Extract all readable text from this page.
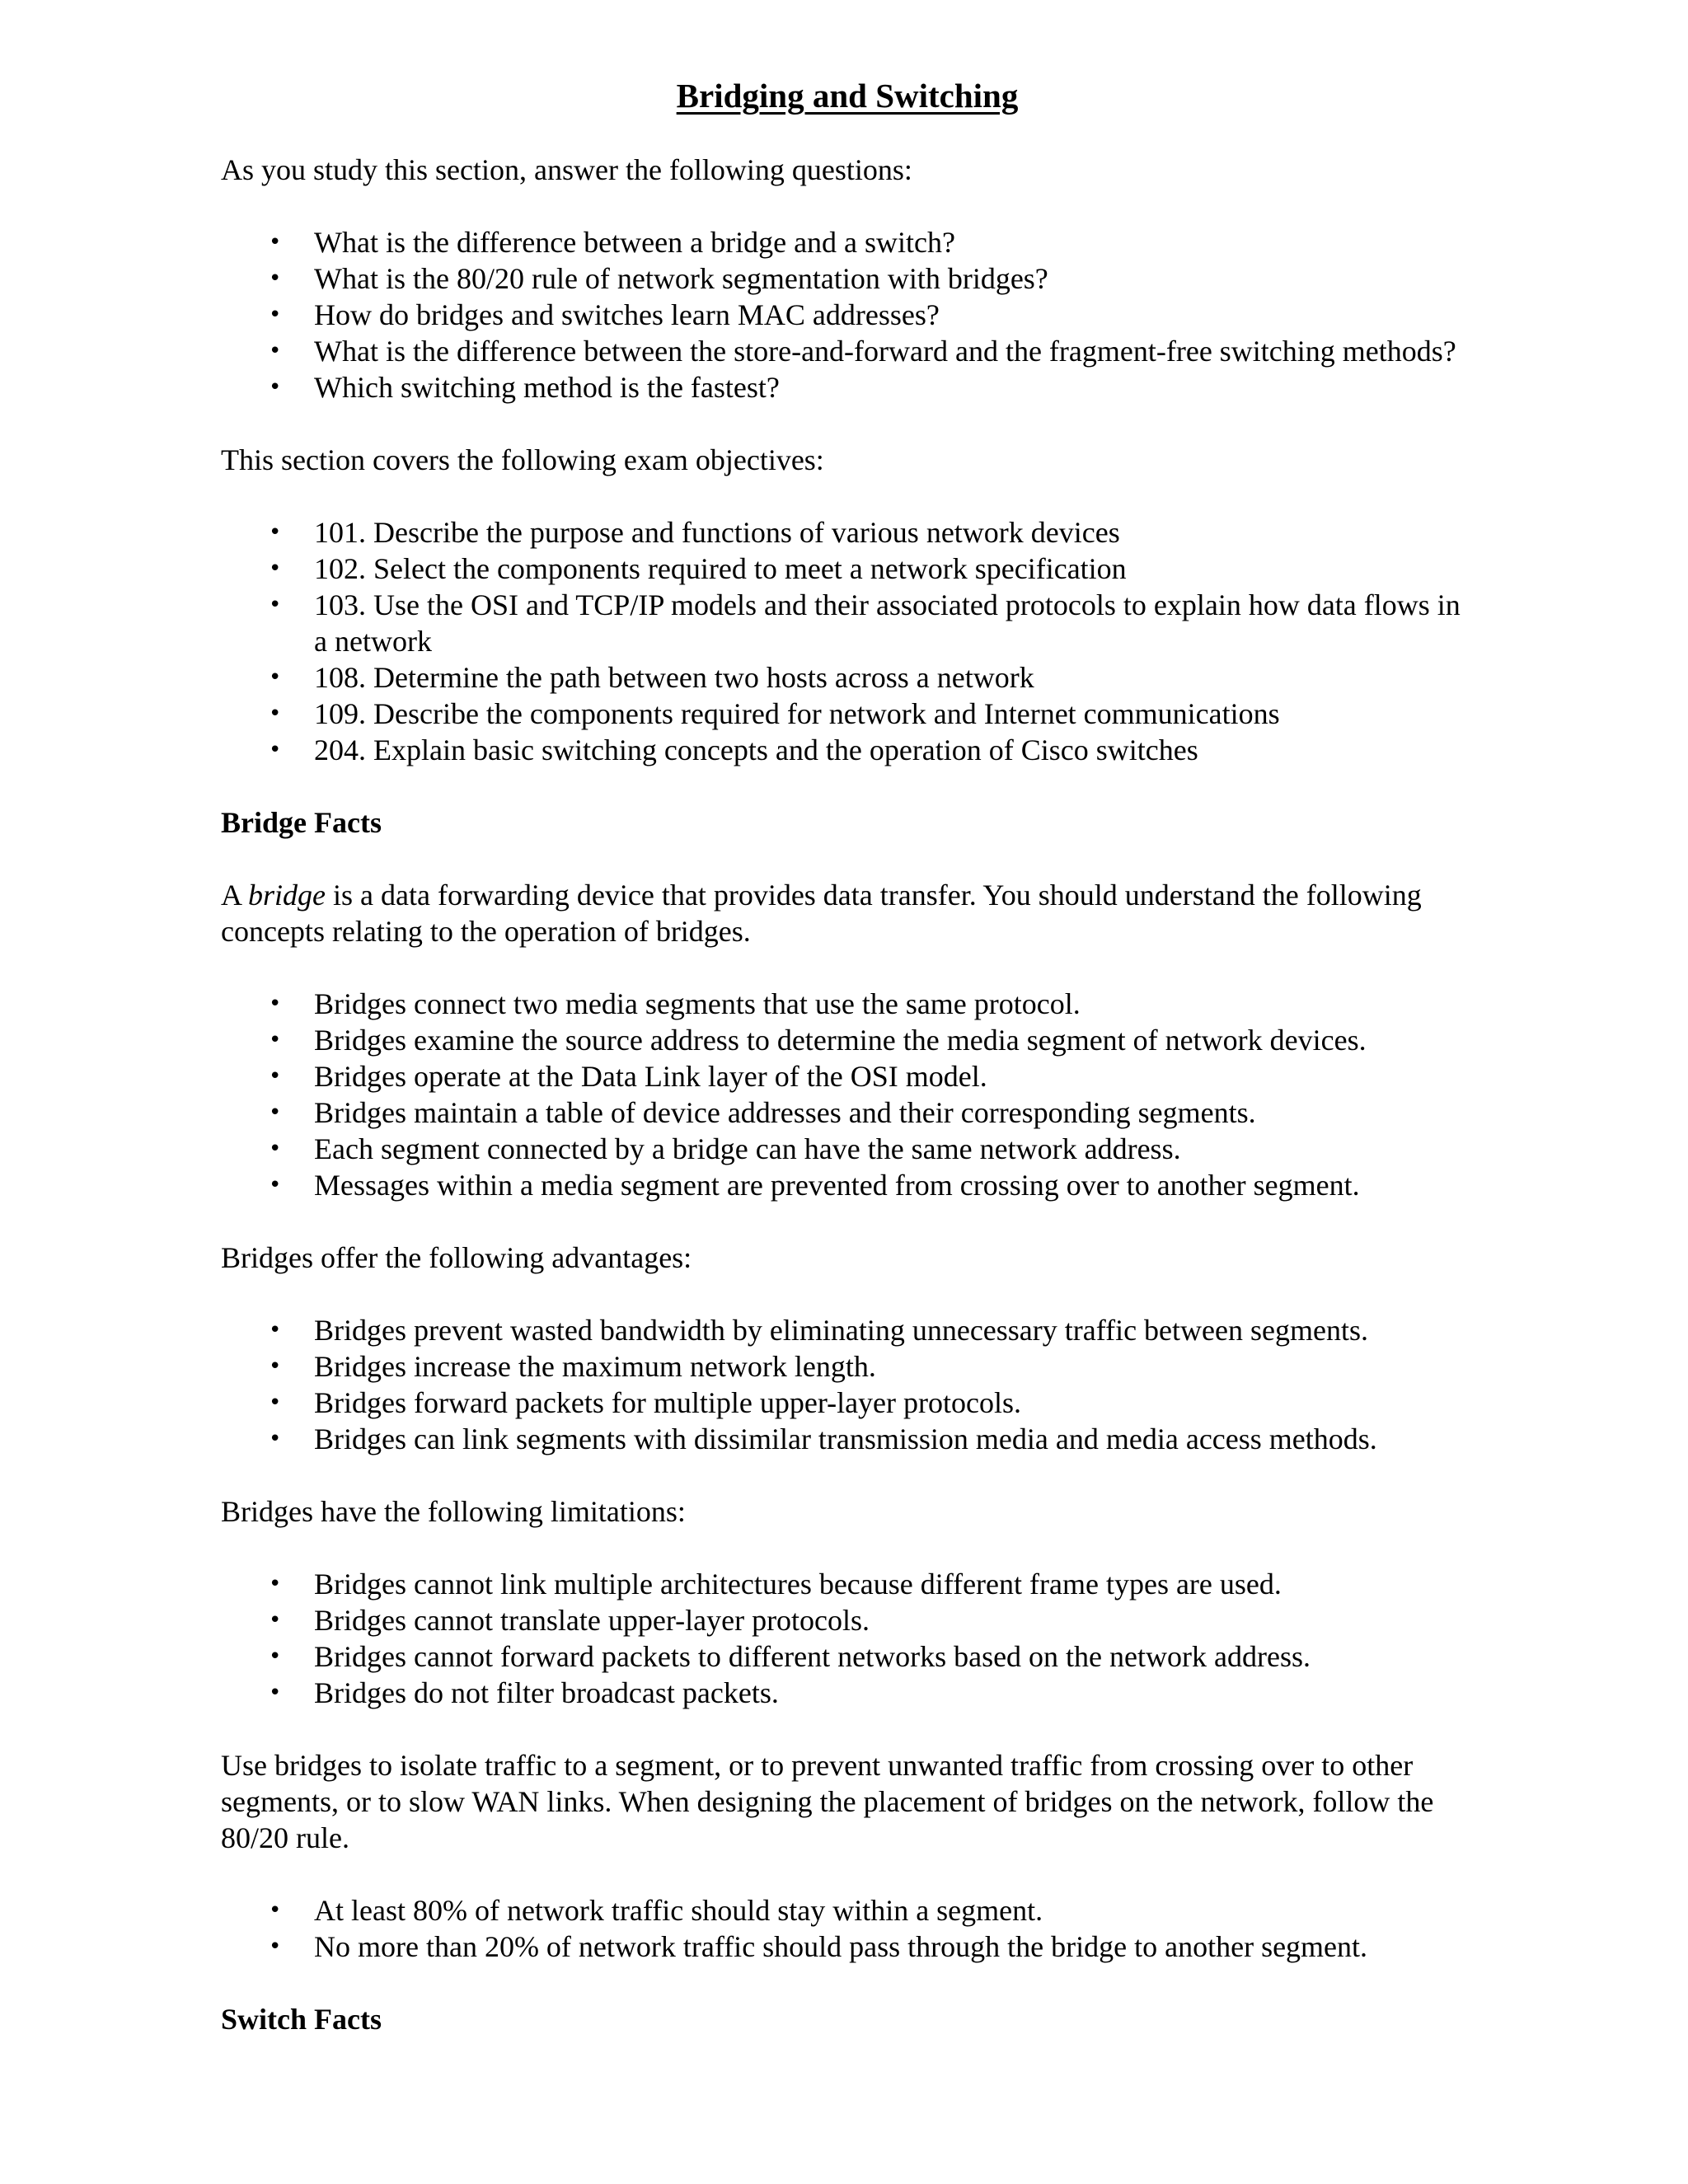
Bridging and Switching

As you study this section, answer the following questions:

• What is the difference between a bridge and a switch?
• What is the 80/20 rule of network segmentation with bridges?
• How do bridges and switches learn MAC addresses?
• What is the difference between the store-and-forward and the fragment-free switching methods?
• Which switching method is the fastest?

This section covers the following exam objectives:

• 101. Describe the purpose and functions of various network devices
• 102. Select the components required to meet a network specification
• 103. Use the OSI and TCP/IP models and their associated protocols to explain how data flows in a network
• 108. Determine the path between two hosts across a network
• 109. Describe the components required for network and Internet communications
• 204. Explain basic switching concepts and the operation of Cisco switches
Bridge Facts

A bridge is a data forwarding device that provides data transfer. You should understand the following concepts relating to the operation of bridges.

• Bridges connect two media segments that use the same protocol.
• Bridges examine the source address to determine the media segment of network devices.
• Bridges operate at the Data Link layer of the OSI model.
• Bridges maintain a table of device addresses and their corresponding segments.
• Each segment connected by a bridge can have the same network address.
• Messages within a media segment are prevented from crossing over to another segment.

Bridges offer the following advantages:

• Bridges prevent wasted bandwidth by eliminating unnecessary traffic between segments.
• Bridges increase the maximum network length.
• Bridges forward packets for multiple upper-layer protocols.
• Bridges can link segments with dissimilar transmission media and media access methods.

Bridges have the following limitations:

• Bridges cannot link multiple architectures because different frame types are used.
• Bridges cannot translate upper-layer protocols.
• Bridges cannot forward packets to different networks based on the network address.
• Bridges do not filter broadcast packets.

Use bridges to isolate traffic to a segment, or to prevent unwanted traffic from crossing over to other segments, or to slow WAN links. When designing the placement of bridges on the network, follow the 80/20 rule.

• At least 80% of network traffic should stay within a segment.
• No more than 20% of network traffic should pass through the bridge to another segment.
Switch Facts
